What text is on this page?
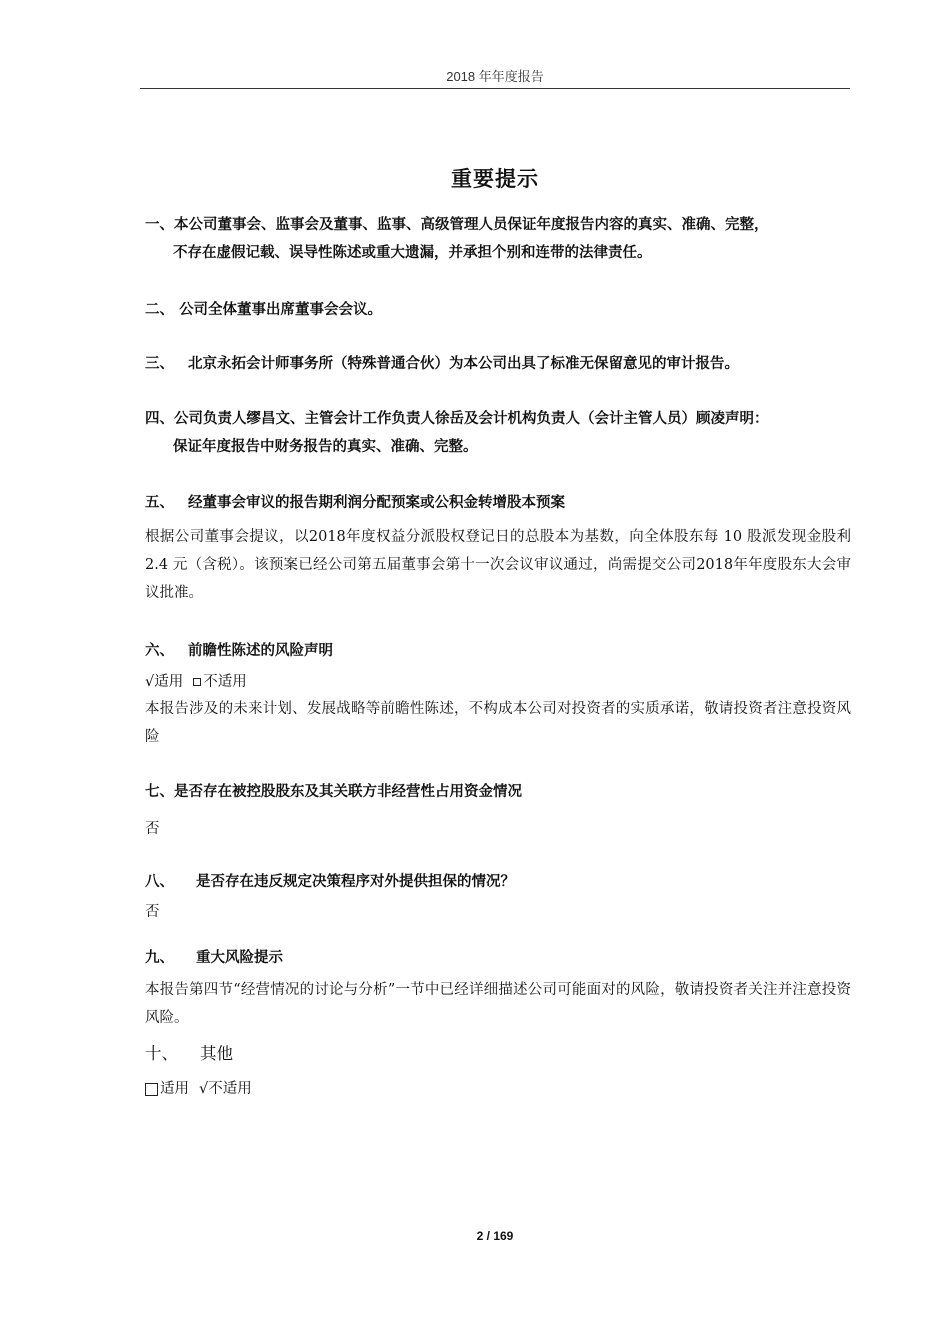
2018 年年度报告
重要提示
一、本公司董事会、监事会及董事、监事、高级管理人员保证年度报告内容的真实、准确、完整，
不存在虚假记载、误导性陈述或重大遗漏，并承担个别和连带的法律责任。
二、 公司全体董事出席董事会会议。
三、 北京永拓会计师事务所（特殊普通合伙）为本公司出具了标准无保留意见的审计报告。
四、公司负责人缪昌文、主管会计工作负责人徐岳及会计机构负责人（会计主管人员）顾凌声明：
保证年度报告中财务报告的真实、准确、完整。
五、 经董事会审议的报告期利润分配预案或公积金转增股本预案
根据公司董事会提议，以2018年度权益分派股权登记日的总股本为基数，向全体股东每 10 股派发现金股利2.4 元（含税）。该预案已经公司第五届董事会第十一次会议审议通过，尚需提交公司2018年年度股东大会审议批准。
六、 前瞻性陈述的风险声明
√ 适用 不适用
本报告涉及的未来计划、发展战略等前瞻性陈述，不构成本公司对投资者的实质承诺，敬请投资者注意投资风险
七、是否存在被控股股东及其关联方非经营性占用资金情况
否
八、 是否存在违反规定决策程序对外提供担保的情况？
否
九、 重大风险提示
本报告第四节“经营情况的讨论与分析”一节中已经详细描述公司可能面对的风险，敬请投资者关注并注意投资风险。
十、 其他
适用 √ 不适用
2 / 169
